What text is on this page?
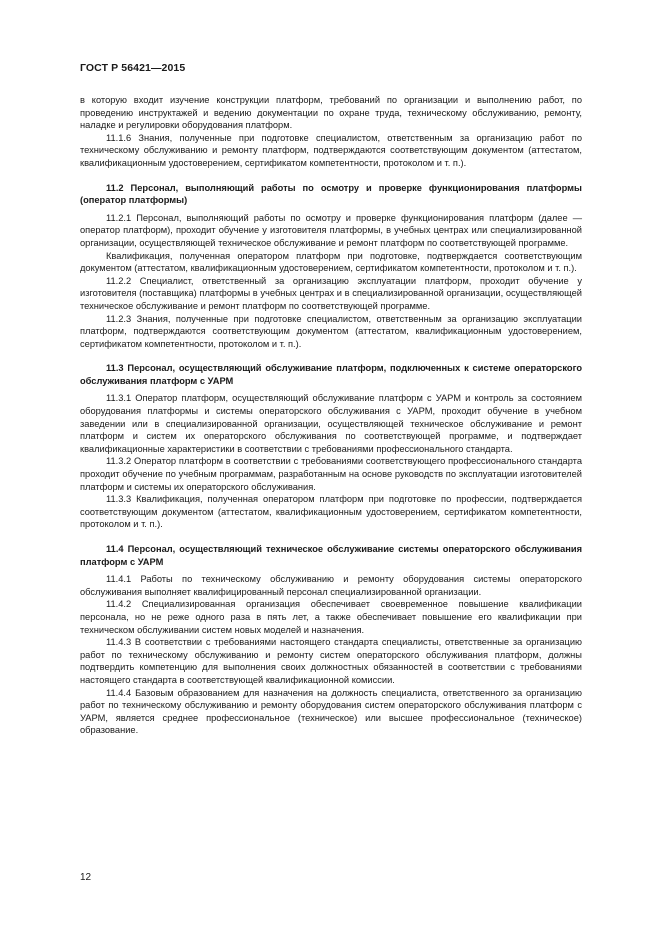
ГОСТ Р 56421—2015

в которую входит изучение конструкции платформ, требований по организации и выполнению работ, по проведению инструктажей и ведению документации по охране труда, техническому обслуживанию, ремонту, наладке и регулировки оборудования платформ.

11.1.6 Знания, полученные при подготовке специалистом, ответственным за организацию работ по техническому обслуживанию и ремонту платформ, подтверждаются соответствующим документом (аттестатом, квалификационным удостоверением, сертификатом компетентности, протоколом и т. п.).

11.2 Персонал, выполняющий работы по осмотру и проверке функционирования платформы (оператор платформы)

11.2.1 Персонал, выполняющий работы по осмотру и проверке функционирования платформ (далее — оператор платформ), проходит обучение у изготовителя платформы, в учебных центрах или специализированной организации, осуществляющей техническое обслуживание и ремонт платформ по соответствующей программе.

Квалификация, полученная оператором платформ при подготовке, подтверждается соответствующим документом (аттестатом, квалификационным удостоверением, сертификатом компетентности, протоколом и т. п.).

11.2.2 Специалист, ответственный за организацию эксплуатации платформ, проходит обучение у изготовителя (поставщика) платформы в учебных центрах и в специализированной организации, осуществляющей техническое обслуживание и ремонт платформ по соответствующей программе.

11.2.3 Знания, полученные при подготовке специалистом, ответственным за организацию эксплуатации платформ, подтверждаются соответствующим документом (аттестатом, квалификационным удостоверением, сертификатом компетентности, протоколом и т. п.).

11.3 Персонал, осуществляющий обслуживание платформ, подключенных к системе операторского обслуживания платформ с УАРМ

11.3.1 Оператор платформ, осуществляющий обслуживание платформ с УАРМ и контроль за состоянием оборудования платформы и системы операторского обслуживания с УАРМ, проходит обучение в учебном заведении или в специализированной организации, осуществляющей техническое обслуживание и ремонт платформ и систем их операторского обслуживания по соответствующей программе, и подтверждает квалификационные характеристики в соответствии с требованиями профессионального стандарта.

11.3.2 Оператор платформ в соответствии с требованиями соответствующего профессионального стандарта проходит обучение по учебным программам, разработанным на основе руководств по эксплуатации изготовителей платформ и системы их операторского обслуживания.

11.3.3 Квалификация, полученная оператором платформ при подготовке по профессии, подтверждается соответствующим документом (аттестатом, квалификационным удостоверением, сертификатом компетентности, протоколом и т. п.).

11.4 Персонал, осуществляющий техническое обслуживание системы операторского обслуживания платформ с УАРМ

11.4.1 Работы по техническому обслуживанию и ремонту оборудования системы операторского обслуживания выполняет квалифицированный персонал специализированной организации.

11.4.2 Специализированная организация обеспечивает своевременное повышение квалификации персонала, но не реже одного раза в пять лет, а также обеспечивает повышение его квалификации при техническом обслуживании систем новых моделей и назначения.

11.4.3 В соответствии с требованиями настоящего стандарта специалисты, ответственные за организацию работ по техническому обслуживанию и ремонту систем операторского обслуживания платформ, должны подтвердить компетенцию для выполнения своих должностных обязанностей в соответствии с требованиями настоящего стандарта в соответствующей квалификационной комиссии.

11.4.4 Базовым образованием для назначения на должность специалиста, ответственного за организацию работ по техническому обслуживанию и ремонту оборудования систем операторского обслуживания платформ с УАРМ, является среднее профессиональное (техническое) или высшее профессиональное (техническое) образование.

12
